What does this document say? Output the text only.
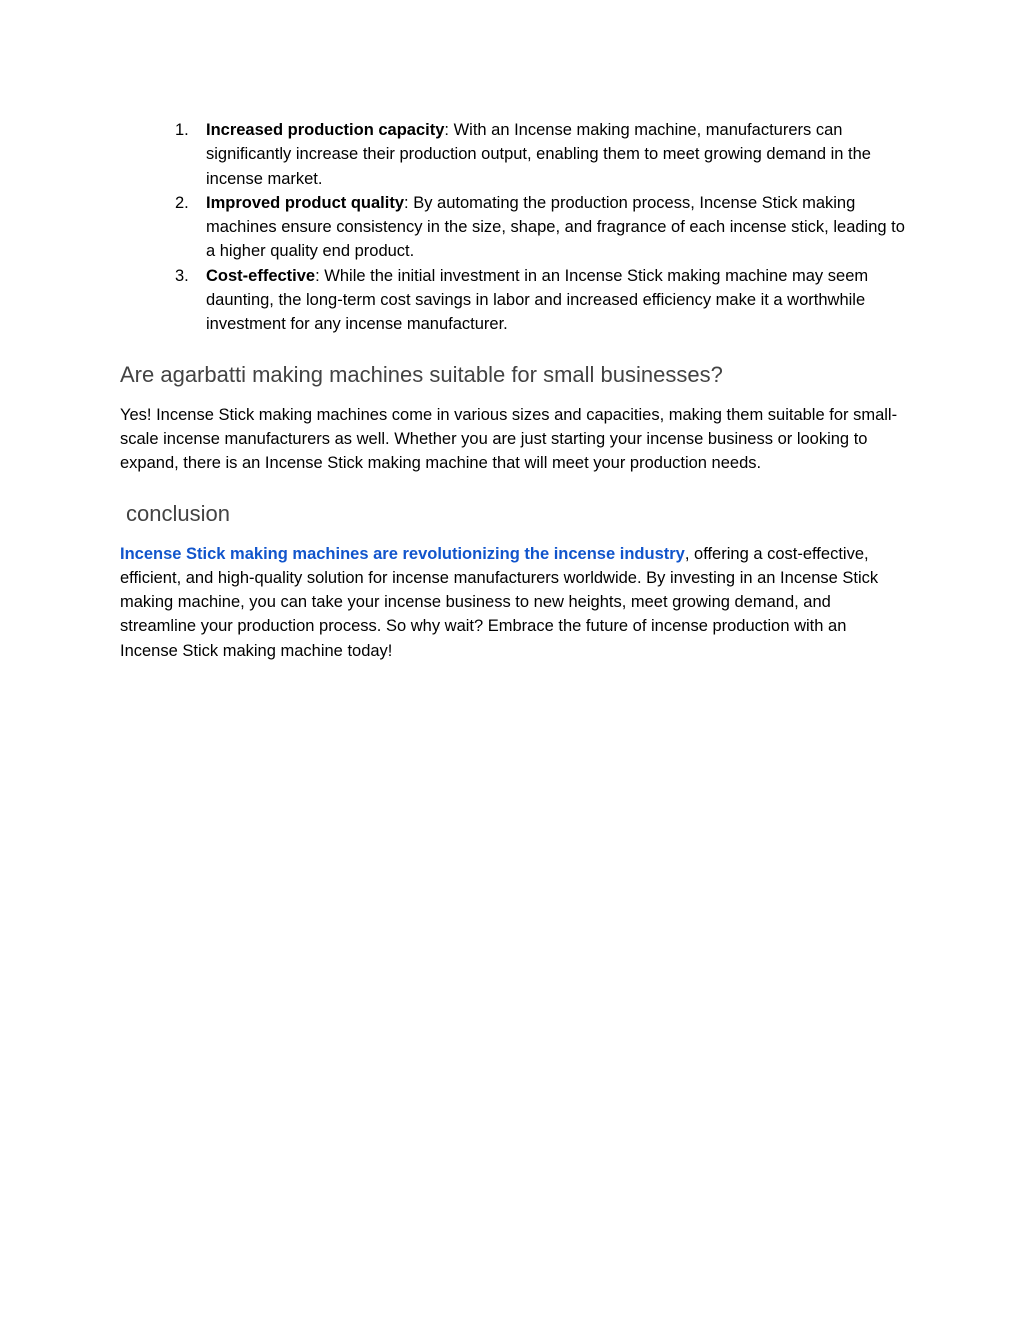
1.	Increased production capacity: With an Incense making machine, manufacturers can significantly increase their production output, enabling them to meet growing demand in the incense market.
2.	Improved product quality: By automating the production process, Incense Stick making machines ensure consistency in the size, shape, and fragrance of each incense stick, leading to a higher quality end product.
3.	Cost-effective: While the initial investment in an Incense Stick making machine may seem daunting, the long-term cost savings in labor and increased efficiency make it a worthwhile investment for any incense manufacturer.
Are agarbatti making machines suitable for small businesses?

Yes! Incense Stick making machines come in various sizes and capacities, making them suitable for small-scale incense manufacturers as well. Whether you are just starting your incense business or looking to expand, there is an Incense Stick making machine that will meet your production needs.

conclusion

Incense Stick making machines are revolutionizing the incense industry, offering a cost-effective, efficient, and high-quality solution for incense manufacturers worldwide. By investing in an Incense Stick making machine, you can take your incense business to new heights, meet growing demand, and streamline your production process. So why wait? Embrace the future of incense production with an Incense Stick making machine today!
